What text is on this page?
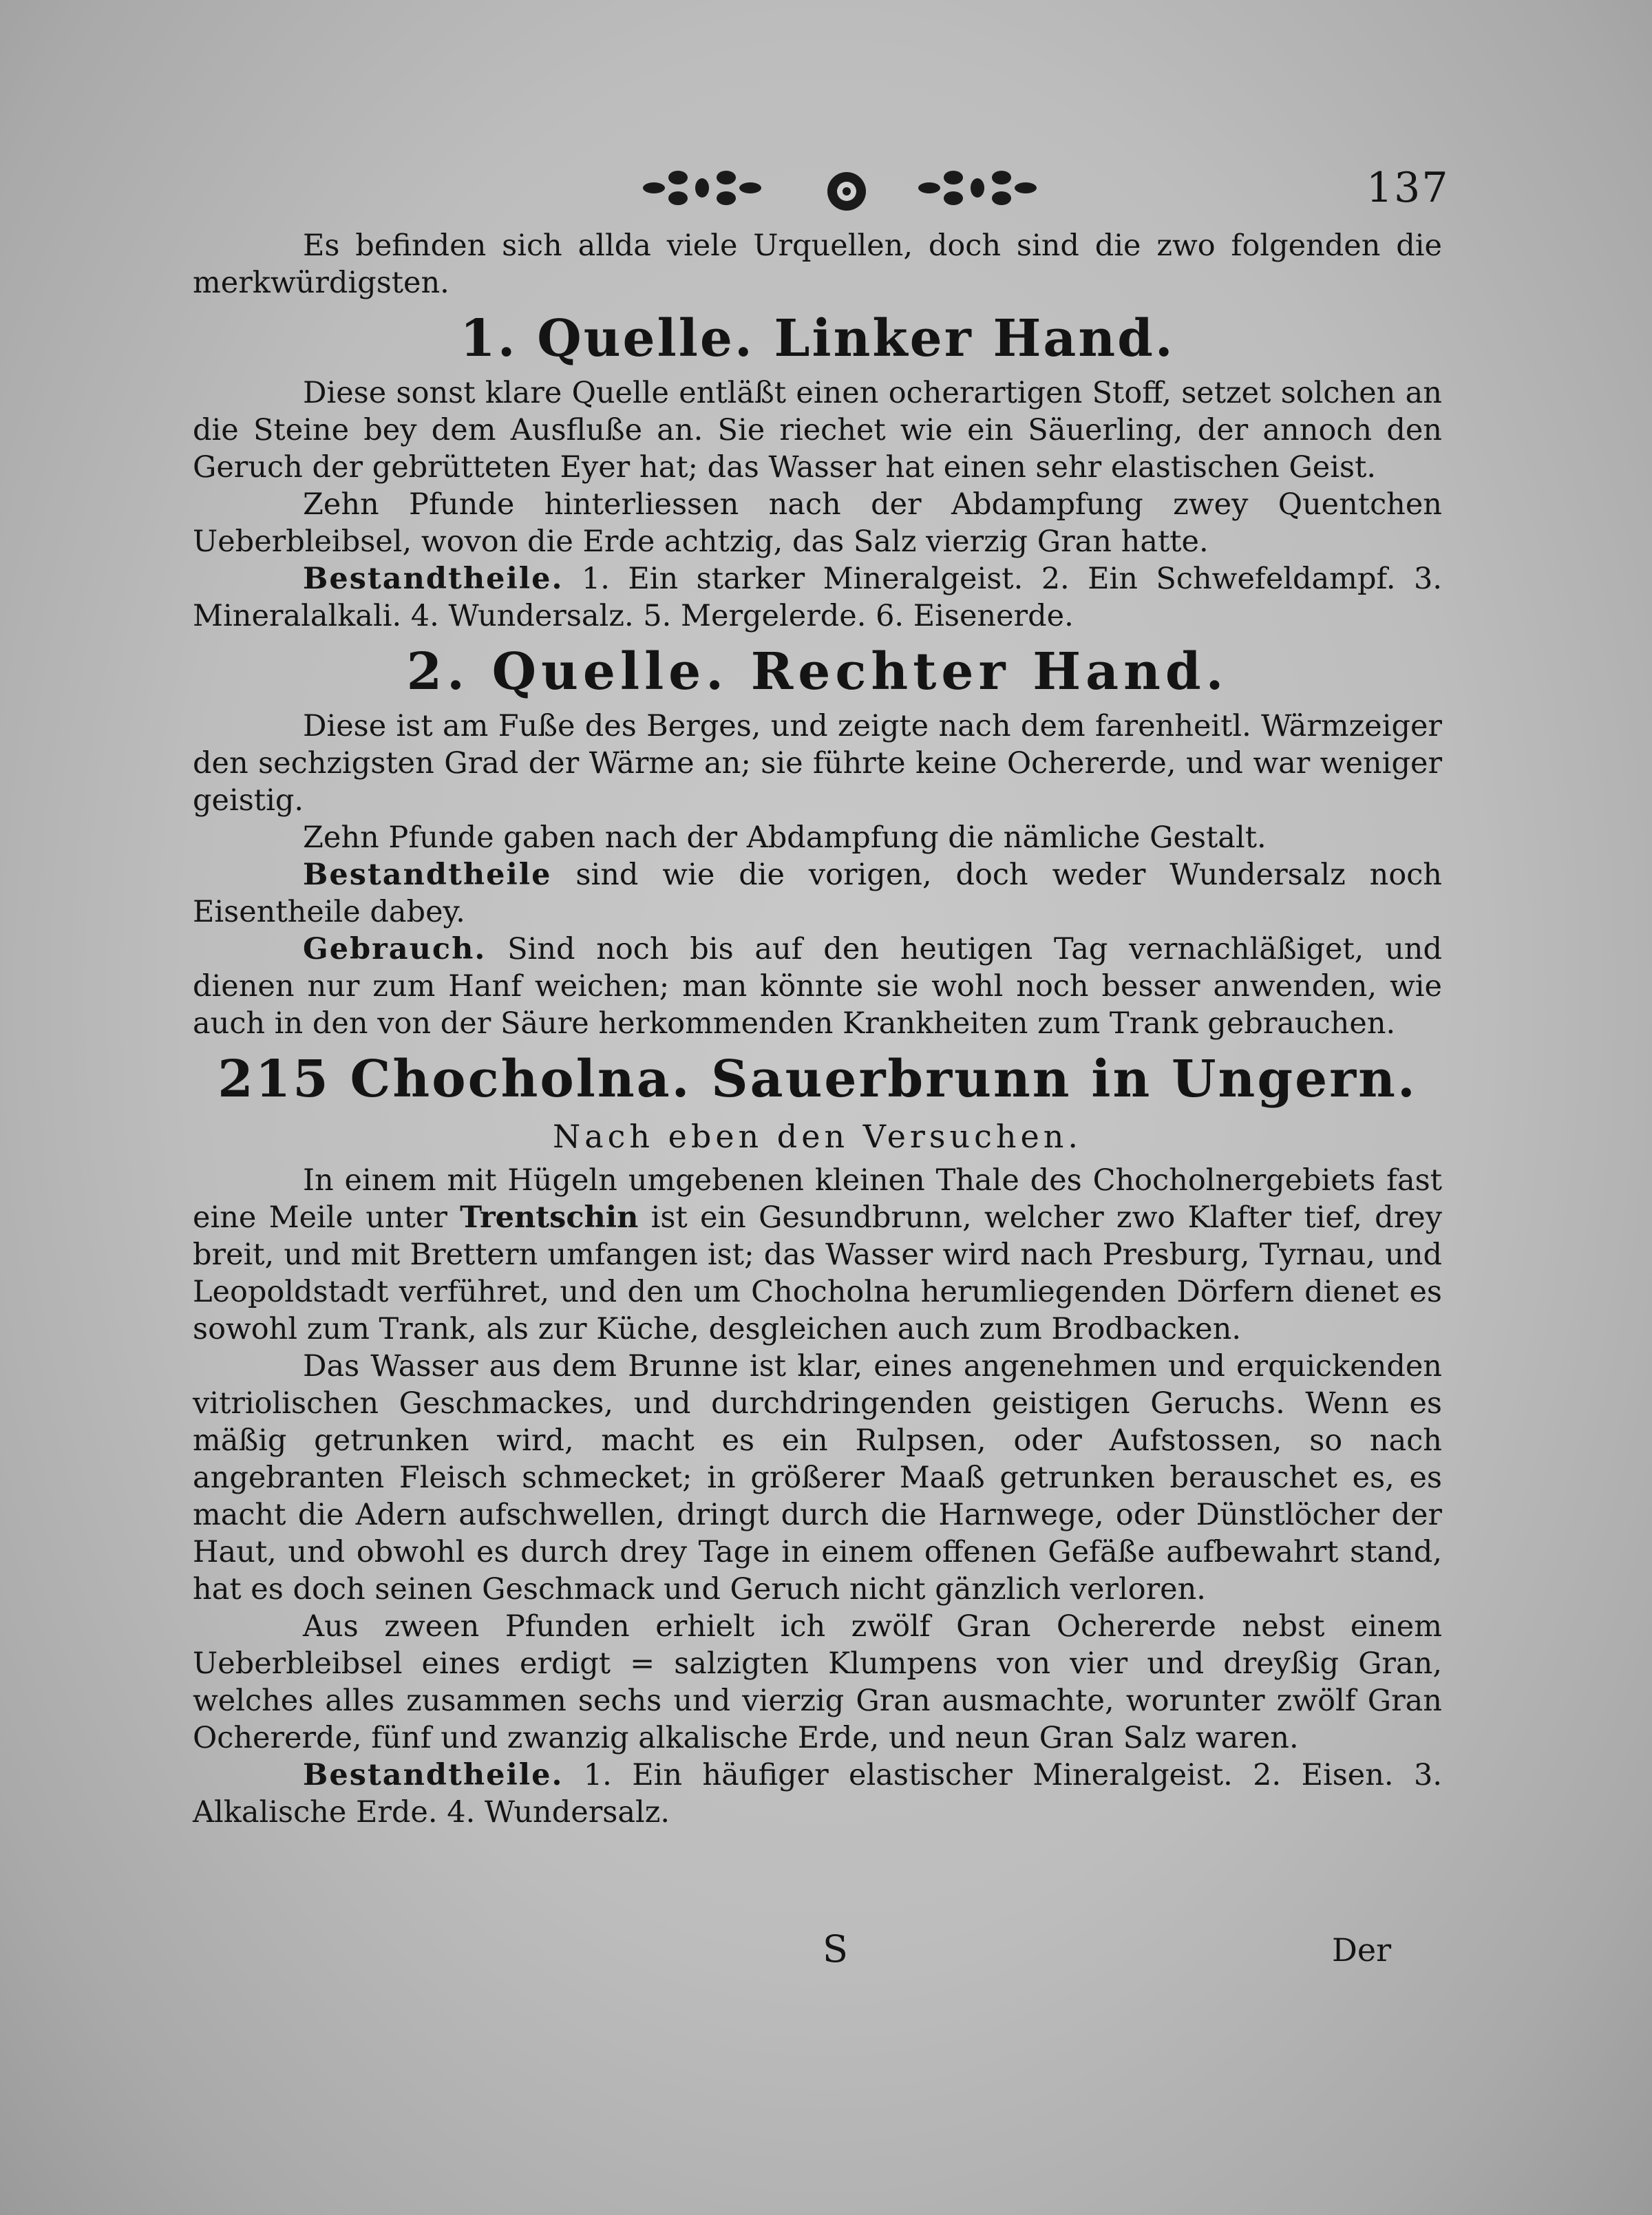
137

Es befinden sich allda viele Urquellen, doch sind die zwo folgenden die merkwürdigsten.

1. Quelle. Linker Hand.

Diese sonst klare Quelle entläßt einen ocherartigen Stoff, setzet solchen an die Steine bey dem Ausfluße an. Sie riechet wie ein Säuerling, der annoch den Geruch der gebrütteten Eyer hat; das Wasser hat einen sehr elastischen Geist.

Zehn Pfunde hinterliessen nach der Abdampfung zwey Quentchen Ueberbleibsel, wovon die Erde achtzig, das Salz vierzig Gran hatte.

Bestandtheile. 1. Ein starker Mineralgeist. 2. Ein Schwefeldampf. 3. Mineralalkali. 4. Wundersalz. 5. Mergelerde. 6. Eisenerde.

2. Quelle. Rechter Hand.

Diese ist am Fuße des Berges, und zeigte nach dem farenheitl. Wärmzeiger den sechzigsten Grad der Wärme an; sie führte keine Ochererde, und war weniger geistig.

Zehn Pfunde gaben nach der Abdampfung die nämliche Gestalt.

Bestandtheile sind wie die vorigen, doch weder Wundersalz noch Eisentheile dabey.

Gebrauch. Sind noch bis auf den heutigen Tag vernachläßiget, und dienen nur zum Hanf weichen; man könnte sie wohl noch besser anwenden, wie auch in den von der Säure herkommenden Krankheiten zum Trank gebrauchen.

215 Chocholna. Sauerbrunn in Ungern.
Nach eben den Versuchen.

In einem mit Hügeln umgebenen kleinen Thale des Chocholnergebiets fast eine Meile unter Trentschin ist ein Gesundbrunn, welcher zwo Klafter tief, drey breit, und mit Brettern umfangen ist; das Wasser wird nach Presburg, Tyrnau, und Leopoldstadt verführet, und den um Chocholna herumliegenden Dörfern dienet es sowohl zum Trank, als zur Küche, desgleichen auch zum Brodbacken.

Das Wasser aus dem Brunne ist klar, eines angenehmen und erquickenden vitriolischen Geschmackes, und durchdringenden geistigen Geruchs. Wenn es mäßig getrunken wird, macht es ein Rulpsen, oder Aufstossen, so nach angebranten Fleisch schmecket; in größerer Maaß getrunken berauschet es, es macht die Adern aufschwellen, dringt durch die Harnwege, oder Dünstlöcher der Haut, und obwohl es durch drey Tage in einem offenen Gefäße aufbewahrt stand, hat es doch seinen Geschmack und Geruch nicht gänzlich verloren.

Aus zween Pfunden erhielt ich zwölf Gran Ochererde nebst einem Ueberbleibsel eines erdigt = salzigten Klumpens von vier und dreyßig Gran, welches alles zusammen sechs und vierzig Gran ausmachte, worunter zwölf Gran Ochererde, fünf und zwanzig alkalische Erde, und neun Gran Salz waren.

Bestandtheile. 1. Ein häufiger elastischer Mineralgeist. 2. Eisen. 3. Alkalische Erde. 4. Wundersalz.

S	Der
